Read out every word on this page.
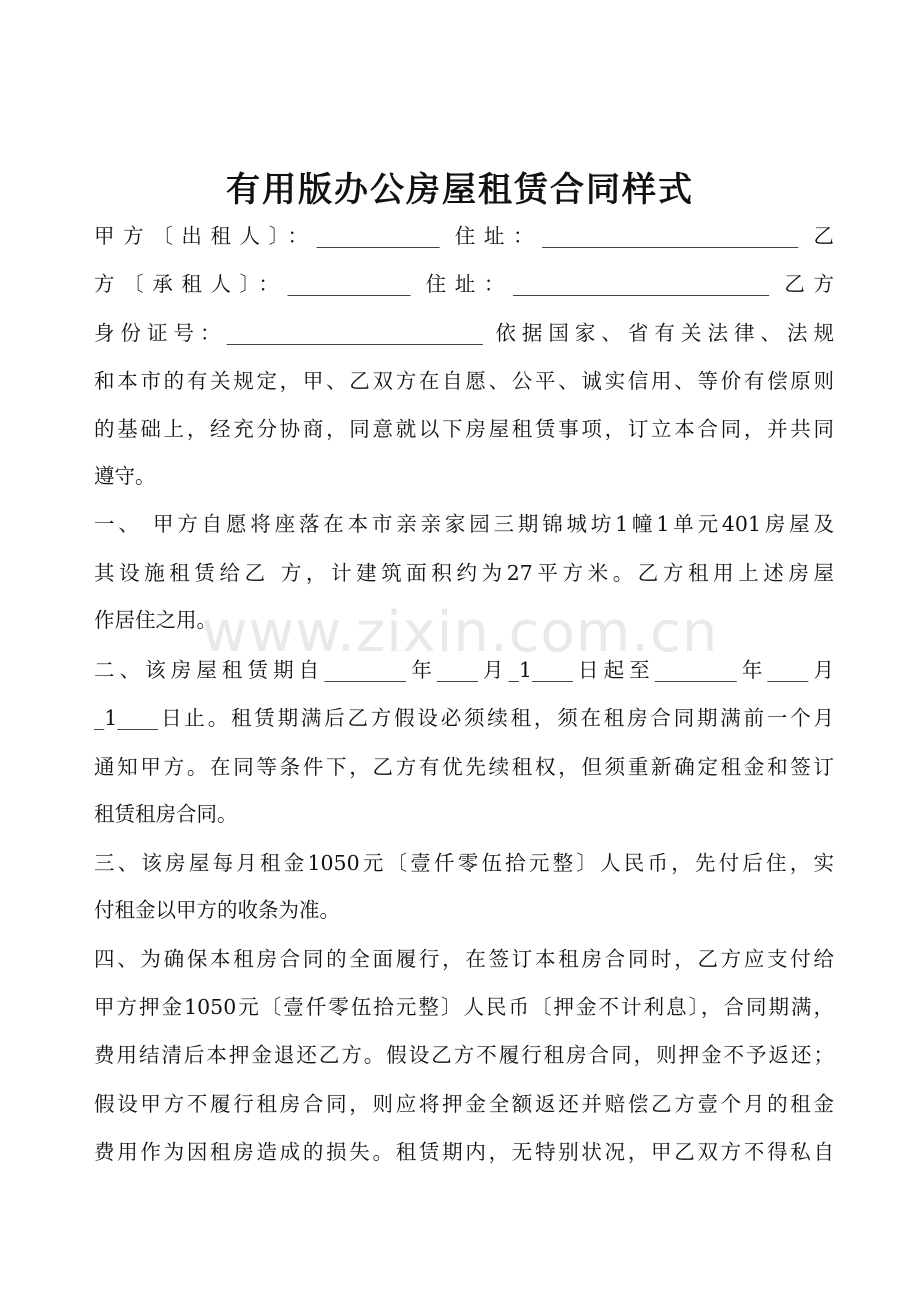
有用版办公房屋租赁合同样式
www.zixin.com.cn
甲方〔出租人〕：____________ 住址：_________________________ 乙
方〔承租人〕：____________ 住址：_________________________ 乙方
身份证号：_________________________ 依据国家、省有关法律、法规
和本市的有关规定，甲、乙双方在自愿、公平、诚实信用、等价有偿原则
的基础上，经充分协商，同意就以下房屋租赁事项，订立本合同，并共同
遵守。
一、 甲方自愿将座落在本市亲亲家园三期锦城坊1幢1单元401房屋及
其设施租赁给乙 方，计建筑面积约为27平方米。乙方租用上述房屋
作居住之用。
二、该房屋租赁期自________年____月_1____日起至________年____月
_1____日止。租赁期满后乙方假设必须续租，须在租房合同期满前一个月
通知甲方。在同等条件下，乙方有优先续租权，但须重新确定租金和签订
租赁租房合同。
三、该房屋每月租金1050元〔壹仟零伍拾元整〕人民币，先付后住，实
付租金以甲方的收条为准。
四、为确保本租房合同的全面履行，在签订本租房合同时，乙方应支付给
甲方押金1050元〔壹仟零伍拾元整〕人民币〔押金不计利息〕，合同期满，
费用结清后本押金退还乙方。假设乙方不履行租房合同，则押金不予返还；
假设甲方不履行租房合同，则应将押金全额返还并赔偿乙方壹个月的租金
费用作为因租房造成的损失。租赁期内，无特别状况，甲乙双方不得私自
